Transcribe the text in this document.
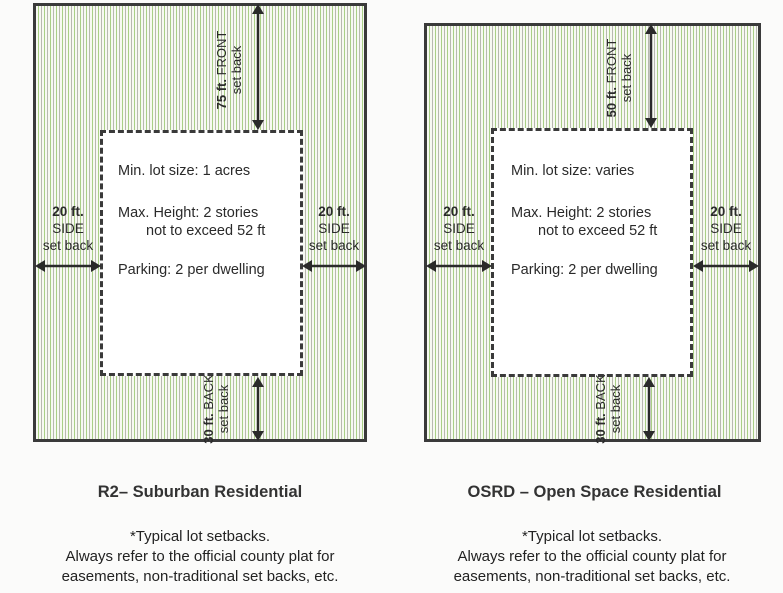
Min. lot size: 1 acres
Max. Height: 2 stories
not to exceed 52 ft
Parking: 2 per dwelling
75 ft. FRONT set back
20 ft.
SIDE
set back
20 ft.
SIDE
set back
30 ft. BACK set back
R2– Suburban Residential
*Typical lot setbacks.
Always refer to the official county plat for
easements, non-traditional set backs, etc.
Min. lot size: varies
Max. Height: 2 stories
not to exceed 52 ft
Parking: 2 per dwelling
50 ft. FRONT set back
20 ft.
SIDE
set back
20 ft.
SIDE
set back
30 ft. BACK set back
OSRD – Open Space Residential
*Typical lot setbacks.
Always refer to the official county plat for
easements, non-traditional set backs, etc.
